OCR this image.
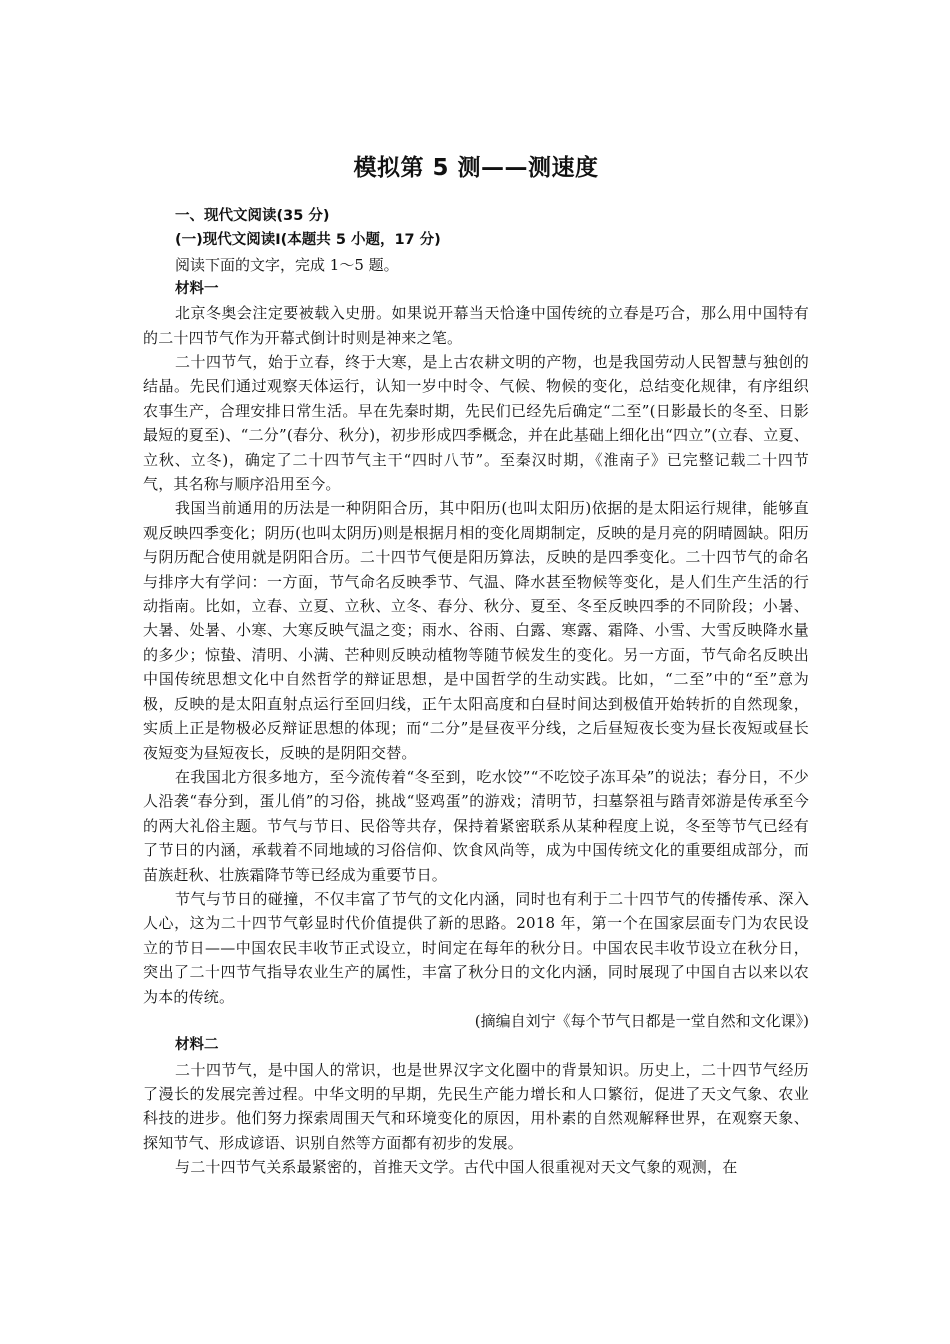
模拟第 5 测——测速度

一、现代文阅读(35 分)

(一)现代文阅读Ⅰ(本题共 5 小题，17 分)

阅读下面的文字，完成 1～5 题。

材料一

北京冬奥会注定要被载入史册。如果说开幕当天恰逢中国传统的立春是巧合，那么用中国特有的二十四节气作为开幕式倒计时则是神来之笔。

二十四节气，始于立春，终于大寒，是上古农耕文明的产物，也是我国劳动人民智慧与独创的结晶。先民们通过观察天体运行，认知一岁中时令、气候、物候的变化，总结变化规律，有序组织农事生产，合理安排日常生活。早在先秦时期，先民们已经先后确定“二至”(日影最长的冬至、日影最短的夏至)、“二分”(春分、秋分)，初步形成四季概念，并在此基础上细化出“四立”(立春、立夏、立秋、立冬)，确定了二十四节气主干“四时八节”。至秦汉时期，《淮南子》已完整记载二十四节气，其名称与顺序沿用至今。

我国当前通用的历法是一种阴阳合历，其中阳历(也叫太阳历)依据的是太阳运行规律，能够直观反映四季变化；阴历(也叫太阴历)则是根据月相的变化周期制定，反映的是月亮的阴晴圆缺。阳历与阴历配合使用就是阴阳合历。二十四节气便是阳历算法，反映的是四季变化。二十四节气的命名与排序大有学问：一方面，节气命名反映季节、气温、降水甚至物候等变化，是人们生产生活的行动指南。比如，立春、立夏、立秋、立冬、春分、秋分、夏至、冬至反映四季的不同阶段；小暑、大暑、处暑、小寒、大寒反映气温之变；雨水、谷雨、白露、寒露、霜降、小雪、大雪反映降水量的多少；惊蛰、清明、小满、芒种则反映动植物等随节候发生的变化。另一方面，节气命名反映出中国传统思想文化中自然哲学的辩证思想，是中国哲学的生动实践。比如，“二至”中的“至”意为极，反映的是太阳直射点运行至回归线，正午太阳高度和白昼时间达到极值开始转折的自然现象，实质上正是物极必反辩证思想的体现；而“二分”是昼夜平分线，之后昼短夜长变为昼长夜短或昼长夜短变为昼短夜长，反映的是阴阳交替。

在我国北方很多地方，至今流传着“冬至到，吃水饺”“不吃饺子冻耳朵”的说法；春分日，不少人沿袭“春分到，蛋儿俏”的习俗，挑战“竖鸡蛋”的游戏；清明节，扫墓祭祖与踏青郊游是传承至今的两大礼俗主题。节气与节日、民俗等共存，保持着紧密联系从某种程度上说，冬至等节气已经有了节日的内涵，承载着不同地域的习俗信仰、饮食风尚等，成为中国传统文化的重要组成部分，而苗族赶秋、壮族霜降节等已经成为重要节日。

节气与节日的碰撞，不仅丰富了节气的文化内涵，同时也有利于二十四节气的传播传承、深入人心，这为二十四节气彰显时代价值提供了新的思路。2018 年，第一个在国家层面专门为农民设立的节日——中国农民丰收节正式设立，时间定在每年的秋分日。中国农民丰收节设立在秋分日，突出了二十四节气指导农业生产的属性，丰富了秋分日的文化内涵，同时展现了中国自古以来以农为本的传统。

(摘编自刘宁《每个节气日都是一堂自然和文化课》)

材料二

二十四节气，是中国人的常识，也是世界汉字文化圈中的背景知识。历史上，二十四节气经历了漫长的发展完善过程。中华文明的早期，先民生产能力增长和人口繁衍，促进了天文气象、农业科技的进步。他们努力探索周围天气和环境变化的原因，用朴素的自然观解释世界，在观察天象、探知节气、形成谚语、识别自然等方面都有初步的发展。

与二十四节气关系最紧密的，首推天文学。古代中国人很重视对天文气象的观测，在
